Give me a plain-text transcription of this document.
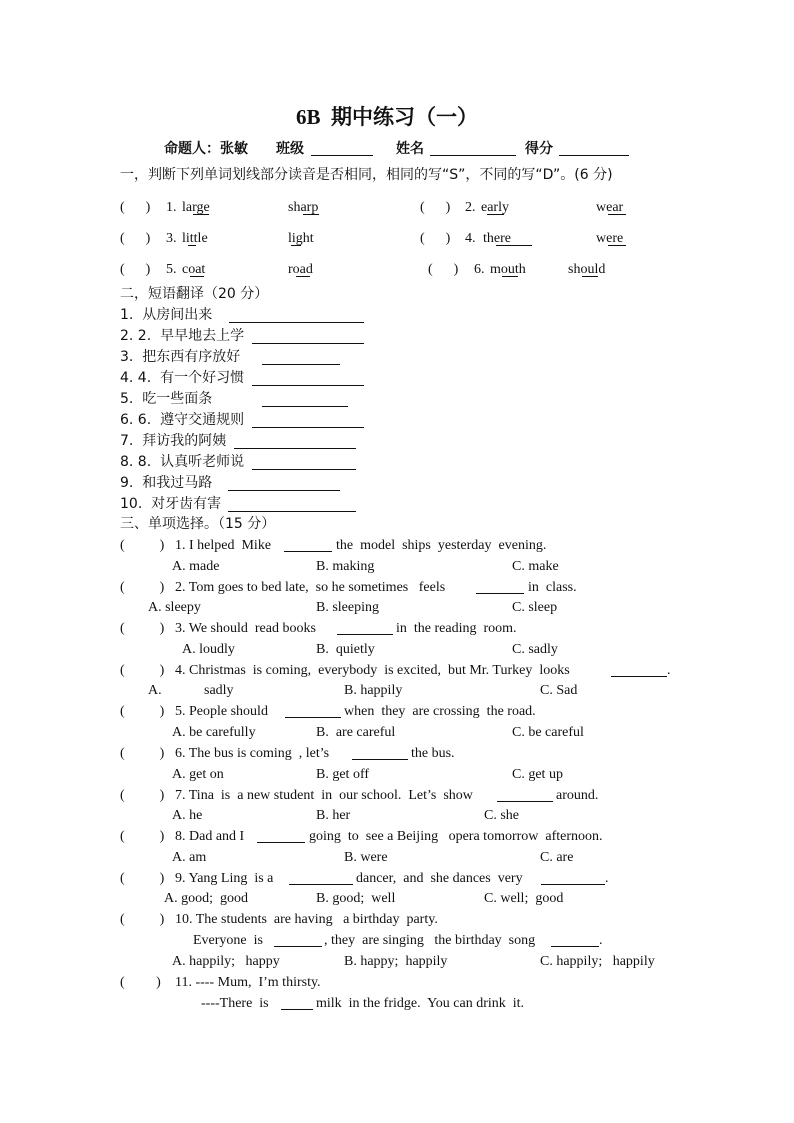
6B  期中练习（一）
命题人：张敏 班级	姓名	得分
一，判断下列单词划线部分读音是否相同，相同的写“S”，不同的写“D”。(6 分)
(      ) 1. large	sharp	(      ) 2. early	wear
(      ) 3. little	light	(      ) 4. there	were
(      ) 5. coat	road	(      ) 6. mouth	should
二，短语翻译（20 分）
1.  从房间出来
2. 2.  早早地去上学
3.  把东西有序放好
4. 4.  有一个好习惯
5.  吃一些面条
6. 6.  遵守交通规则
7.  拜访我的阿姨
8. 8.  认真听老师说
9.  和我过马路
10.  对牙齿有害
三、单项选择。（15 分）
(          ) 1. I helped  Mike	the  model  ships  yesterday  evening.
A. made	B. making	C. make
(          ) 2. Tom goes to bed late,  so he sometimes   feels	in  class.
A. sleepy	B. sleeping	C. sleep
(          ) 3. We should  read books	in  the reading  room.
A. loudly	B.  quietly	C. sadly
(          ) 4. Christmas  is coming,  everybody  is excited,  but Mr. Turkey  looks	.
A.	sadly	B. happily	C. Sad
(          ) 5. People should	when  they  are crossing  the road.
A. be carefully	B.  are careful	C. be careful
(          ) 6. The bus is coming  , let’s	the bus.
A. get on	B. get off	C. get up
(          ) 7. Tina  is  a new student  in  our school.  Let’s  show	around.
A. he	B. her	C. she
(          ) 8. Dad and I	going  to  see a Beijing   opera tomorrow  afternoon.
A. am	B. were	C. are
(          ) 9. Yang Ling  is a	dancer,  and  she dances  very	.
A. good;  good	B. good;  well	C. well;  good
(          ) 10. The students  are having   a birthday  party.
Everyone  is	, they  are singing   the birthday  song	.
A. happily;   happy	B. happy;  happily	C. happily;   happily
(         ) 11. ---- Mum,  I’m thirsty.
----There  is	milk  in the fridge.  You can drink  it.
